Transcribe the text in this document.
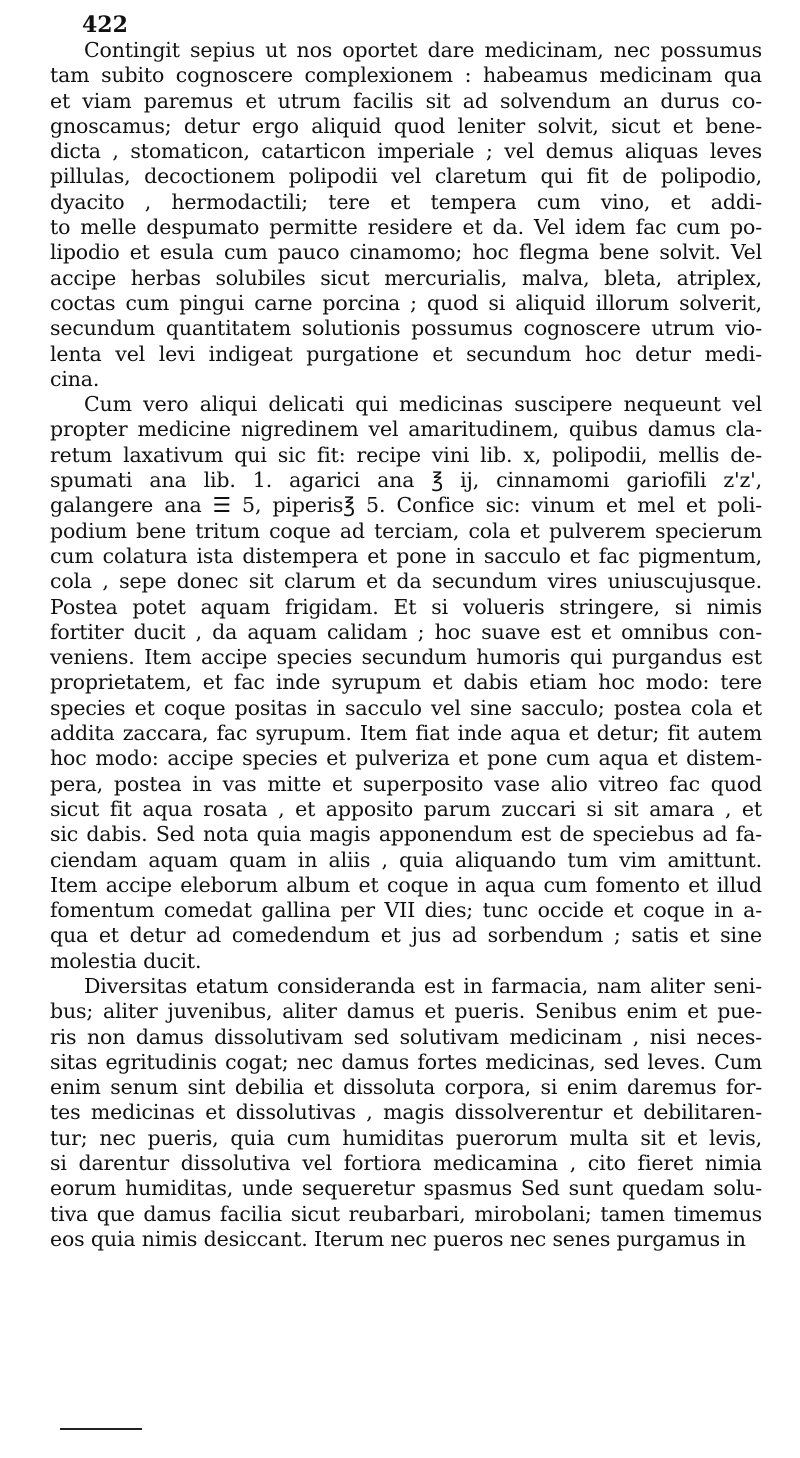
422
Contingit sepius ut nos oportet dare medicinam, nec possumus
tam subito cognoscere complexionem : habeamus medicinam qua
et viam paremus et utrum facilis sit ad solvendum an durus co-
gnoscamus; detur ergo aliquid quod leniter solvit, sicut et bene-
dicta , stomaticon, catarticon imperiale ; vel demus aliquas leves
pillulas, decoctionem polipodii vel claretum qui fit de polipodio,
dyacito , hermodactili; tere et tempera cum vino, et addi-
to melle despumato permitte residere et da. Vel idem fac cum po-
lipodio et esula cum pauco cinamomo; hoc flegma bene solvit. Vel
accipe herbas solubiles sicut mercurialis, malva, bleta, atriplex,
coctas cum pingui carne porcina ; quod si aliquid illorum solverit,
secundum quantitatem solutionis possumus cognoscere utrum vio-
lenta vel levi indigeat purgatione et secundum hoc detur medi-
cina.
Cum vero aliqui delicati qui medicinas suscipere nequeunt vel
propter medicine nigredinem vel amaritudinem, quibus damus cla-
retum laxativum qui sic fit: recipe vini lib. x, polipodii, mellis de-
spumati ana lib. 1. agarici ana ℥ ij, cinnamomi gariofili z'z',
galangere ana ☰ 5, piperis℥ 5. Confice sic: vinum et mel et poli-
podium bene tritum coque ad terciam, cola et pulverem specierum
cum colatura ista distempera et pone in sacculo et fac pigmentum,
cola , sepe donec sit clarum et da secundum vires uniuscujusque.
Postea potet aquam frigidam. Et si volueris stringere, si nimis
fortiter ducit , da aquam calidam ; hoc suave est et omnibus con-
veniens. Item accipe species secundum humoris qui purgandus est
proprietatem, et fac inde syrupum et dabis etiam hoc modo: tere
species et coque positas in sacculo vel sine sacculo; postea cola et
addita zaccara, fac syrupum. Item fiat inde aqua et detur; fit autem
hoc modo: accipe species et pulveriza et pone cum aqua et distem-
pera, postea in vas mitte et superposito vase alio vitreo fac quod
sicut fit aqua rosata , et apposito parum zuccari si sit amara , et
sic dabis. Sed nota quia magis apponendum est de speciebus ad fa-
ciendam aquam quam in aliis , quia aliquando tum vim amittunt.
Item accipe eleborum album et coque in aqua cum fomento et illud
fomentum comedat gallina per VII dies; tunc occide et coque in a-
qua et detur ad comedendum et jus ad sorbendum ; satis et sine
molestia ducit.
Diversitas etatum consideranda est in farmacia, nam aliter seni-
bus; aliter juvenibus, aliter damus et pueris. Senibus enim et pue-
ris non damus dissolutivam sed solutivam medicinam , nisi neces-
sitas egritudinis cogat; nec damus fortes medicinas, sed leves. Cum
enim senum sint debilia et dissoluta corpora, si enim daremus for-
tes medicinas et dissolutivas , magis dissolverentur et debilitaren-
tur; nec pueris, quia cum humiditas puerorum multa sit et levis,
si darentur dissolutiva vel fortiora medicamina , cito fieret nimia
eorum humiditas, unde sequeretur spasmus Sed sunt quedam solu-
tiva que damus facilia sicut reubarbari, mirobolani; tamen timemus
eos quia nimis desiccant. Iterum nec pueros nec senes purgamus in
